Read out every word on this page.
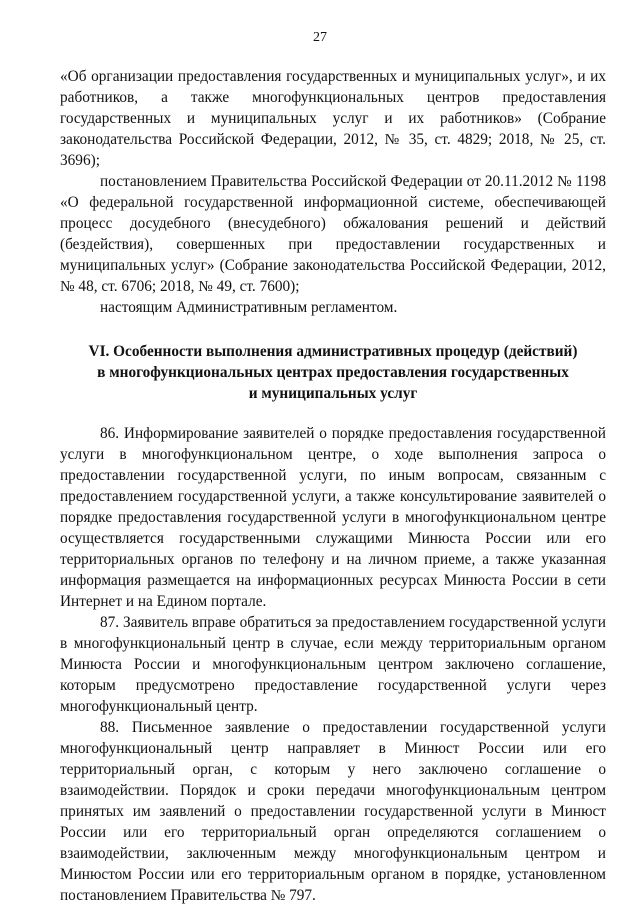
27

«Об организации предоставления государственных и муниципальных услуг», и их работников, а также многофункциональных центров предоставления государственных и муниципальных услуг и их работников» (Собрание законодательства Российской Федерации, 2012, № 35, ст. 4829; 2018, № 25, ст. 3696);

постановлением Правительства Российской Федерации от 20.11.2012 № 1198 «О федеральной государственной информационной системе, обеспечивающей процесс досудебного (внесудебного) обжалования решений и действий (бездействия), совершенных при предоставлении государственных и муниципальных услуг» (Собрание законодательства Российской Федерации, 2012, № 48, ст. 6706; 2018, № 49, ст. 7600);

настоящим Административным регламентом.

VI. Особенности выполнения административных процедур (действий)
в многофункциональных центрах предоставления государственных
и муниципальных услуг

86. Информирование заявителей о порядке предоставления государственной услуги в многофункциональном центре, о ходе выполнения запроса о предоставлении государственной услуги, по иным вопросам, связанным с предоставлением государственной услуги, а также консультирование заявителей о порядке предоставления государственной услуги в многофункциональном центре осуществляется государственными служащими Минюста России или его территориальных органов по телефону и на личном приеме, а также указанная информация размещается на информационных ресурсах Минюста России в сети Интернет и на Едином портале.

87. Заявитель вправе обратиться за предоставлением государственной услуги в многофункциональный центр в случае, если между территориальным органом Минюста России и многофункциональным центром заключено соглашение, которым предусмотрено предоставление государственной услуги через многофункциональный центр.

88. Письменное заявление о предоставлении государственной услуги многофункциональный центр направляет в Минюст России или его территориальный орган, с которым у него заключено соглашение о взаимодействии. Порядок и сроки передачи многофункциональным центром принятых им заявлений о предоставлении государственной услуги в Минюст России или его территориальный орган определяются соглашением о взаимодействии, заключенным между многофункциональным центром и Минюстом России или его территориальным органом в порядке, установленном постановлением Правительства № 797.
